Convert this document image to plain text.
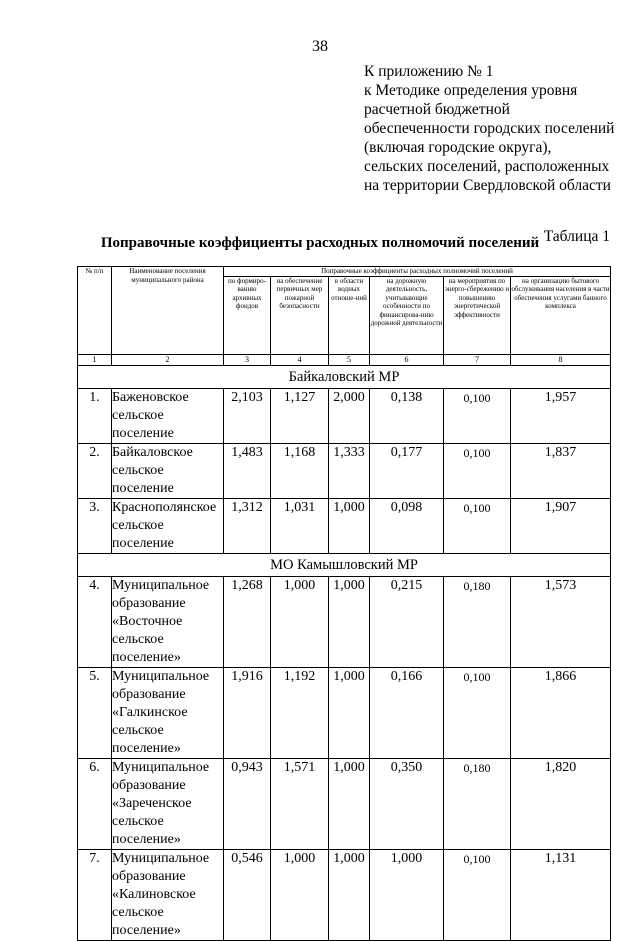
38
К приложению № 1
к Методике определения уровня
расчетной бюджетной
обеспеченности городских поселений
(включая городские округа),
сельских поселений, расположенных
на территории Свердловской области
Таблица 1
Поправочные коэффициенты расходных полномочий поселений
№ п/п	Наименование поселения муниципального района	Поправочные коэффициенты расходных полномочий поселений					
		по формиро-ванию архивных фондов	на обеспечение первичных мер пожарной безопасности	в области водных отноше-ний	на дорожную деятельность, учитывающие особенности по финансирова-нию дорожной деятельности	на мероприятия по энерго-сбережению и повышению энергетической эффективности	на организацию бытового обслуживания населения в части обеспечения услугами банного комплекса
1	2	3	4	5	6	7	8
Байкаловский МР							
1.	Баженовское
сельское
поселение	2,103	1,127	2,000	0,138	0,100	1,957
2.	Байкаловское
сельское
поселение	1,483	1,168	1,333	0,177	0,100	1,837
3.	Краснополянское
сельское
поселение	1,312	1,031	1,000	0,098	0,100	1,907
МО Камышловский МР							
4.	Муниципальное
образование
«Восточное
сельское
поселение»	1,268	1,000	1,000	0,215	0,180	1,573
5.	Муниципальное
образование
«Галкинское
сельское
поселение»	1,916	1,192	1,000	0,166	0,100	1,866
6.	Муниципальное
образование
«Зареченское
сельское
поселение»	0,943	1,571	1,000	0,350	0,180	1,820
7.	Муниципальное
образование
«Калиновское
сельское
поселение»	0,546	1,000	1,000	1,000	0,100	1,131
